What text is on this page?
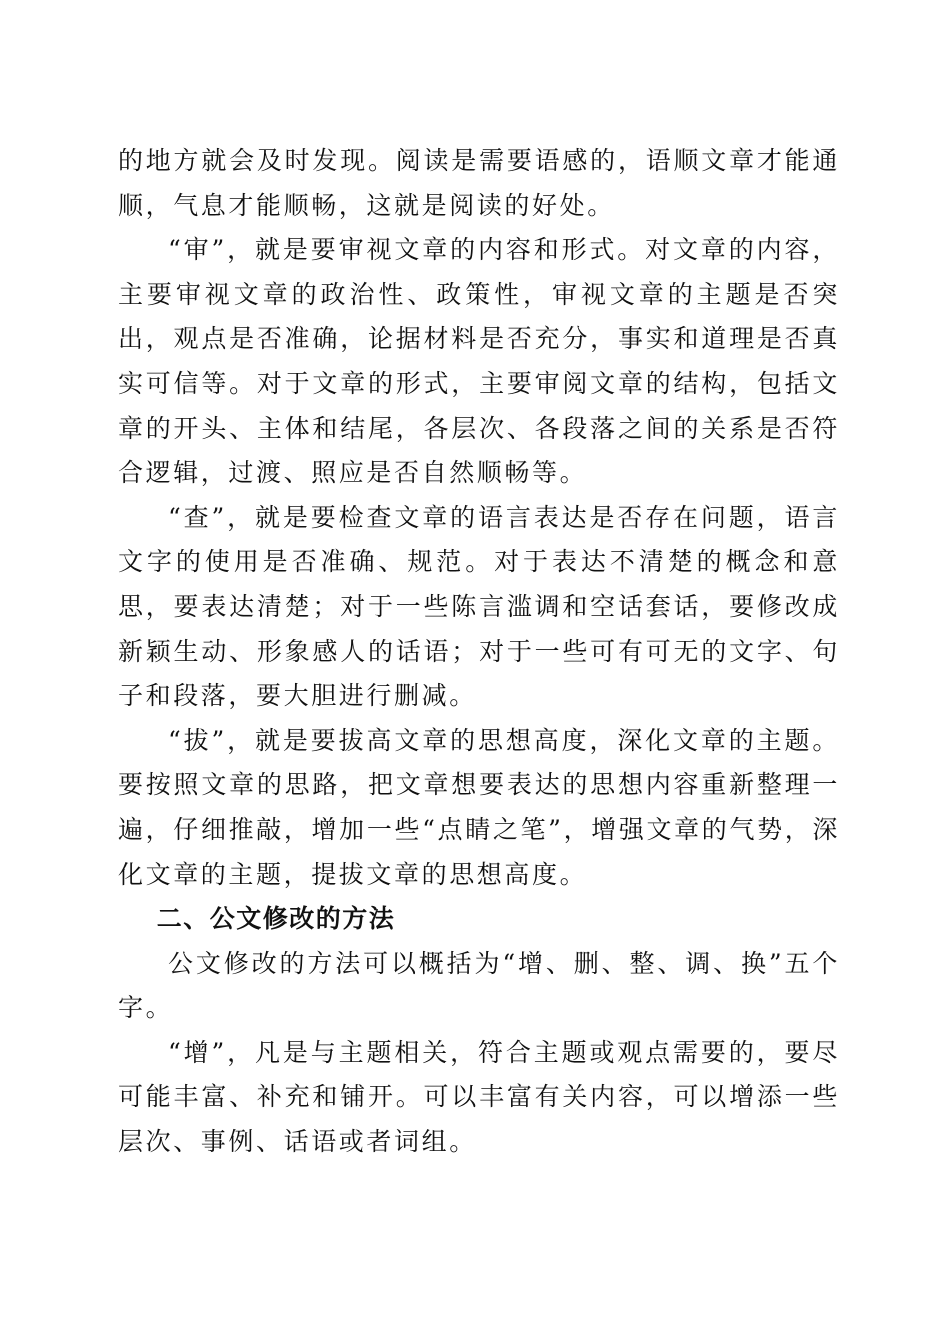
的地方就会及时发现。阅读是需要语感的，语顺文章才能通顺，气息才能顺畅，这就是阅读的好处。

“审”，就是要审视文章的内容和形式。对文章的内容，主要审视文章的政治性、政策性，审视文章的主题是否突出，观点是否准确，论据材料是否充分，事实和道理是否真实可信等。对于文章的形式，主要审阅文章的结构，包括文章的开头、主体和结尾，各层次、各段落之间的关系是否符合逻辑，过渡、照应是否自然顺畅等。

“查”，就是要检查文章的语言表达是否存在问题，语言文字的使用是否准确、规范。对于表达不清楚的概念和意思，要表达清楚；对于一些陈言滥调和空话套话，要修改成新颖生动、形象感人的话语；对于一些可有可无的文字、句子和段落，要大胆进行删减。

“拔”，就是要拔高文章的思想高度，深化文章的主题。要按照文章的思路，把文章想要表达的思想内容重新整理一遍，仔细推敲，增加一些“点睛之笔”，增强文章的气势，深化文章的主题，提拔文章的思想高度。

二、公文修改的方法

公文修改的方法可以概括为“增、删、整、调、换”五个字。

“增”，凡是与主题相关，符合主题或观点需要的，要尽可能丰富、补充和铺开。可以丰富有关内容，可以增添一些层次、事例、话语或者词组。
